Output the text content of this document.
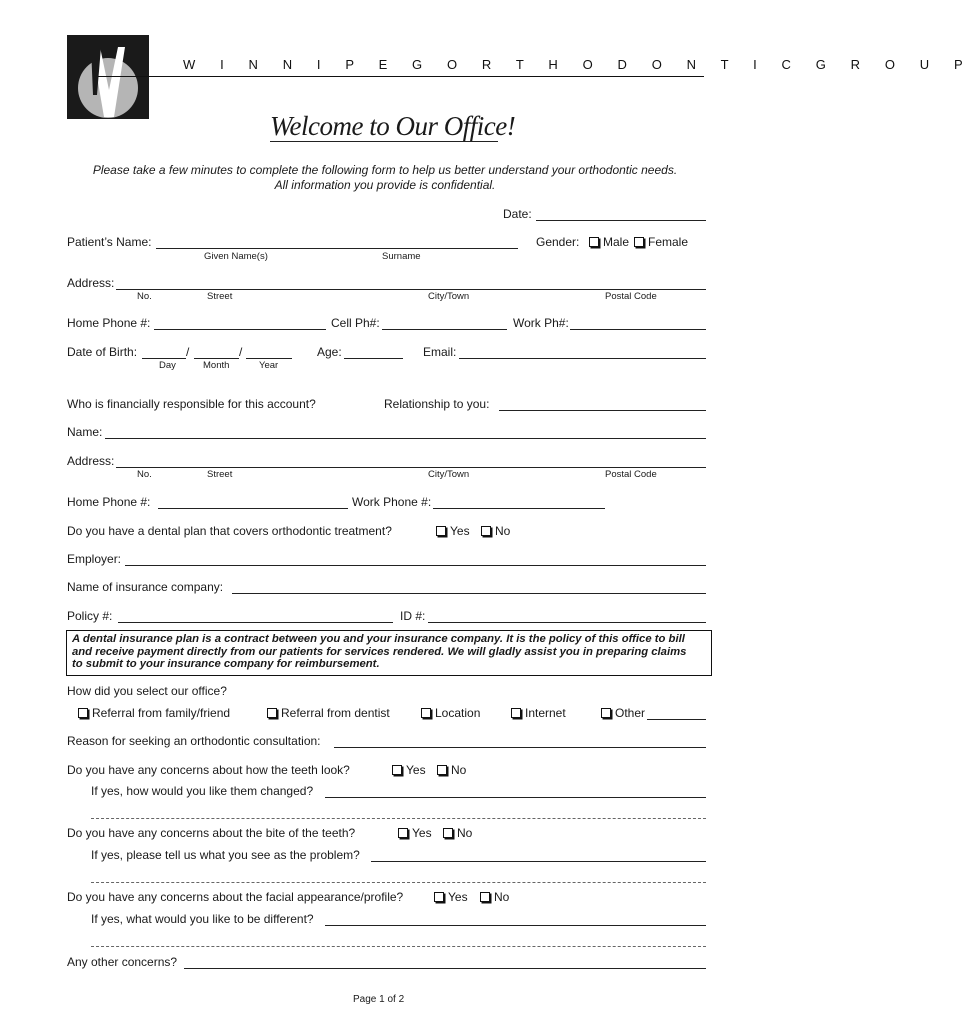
W I N N I P E G O R T H O D O N T I C G R O U P
Welcome to Our Office!
Please take a few minutes to complete the following form to help us better understand your orthodontic needs.
All information you provide is confidential.
Date:
Patient’s Name:
Given Name(s)	Surname
Gender:	Male	Female
Address:
No.	Street	City/Town	Postal Code
Home Phone #:	Cell Ph#:	Work Ph#:
Date of Birth:	/	/
Day	Month	Year
Age:	Email:
Who is financially responsible for this account?	Relationship to you:
Name:
Address:
No.	Street	City/Town	Postal Code
Home Phone #:	Work Phone #:
Do you have a dental plan that covers orthodontic treatment?	Yes	No
Employer:
Name of insurance company:
Policy #:	ID #:
A dental insurance plan is a contract between you and your insurance company. It is the policy of this office to bill
and receive payment directly from our patients for services rendered. We will gladly assist you in preparing claims
to submit to your insurance company for reimbursement.
How did you select our office?
Referral from family/friend	Referral from dentist	Location	Internet	Other
Reason for seeking an orthodontic consultation:
Do you have any concerns about how the teeth look?	Yes	No
If yes, how would you like them changed?
Do you have any concerns about the bite of the teeth?	Yes	No
If yes, please tell us what you see as the problem?
Do you have any concerns about the facial appearance/profile?	Yes	No
If yes, what would you like to be different?
Any other concerns?
Page 1 of 2
